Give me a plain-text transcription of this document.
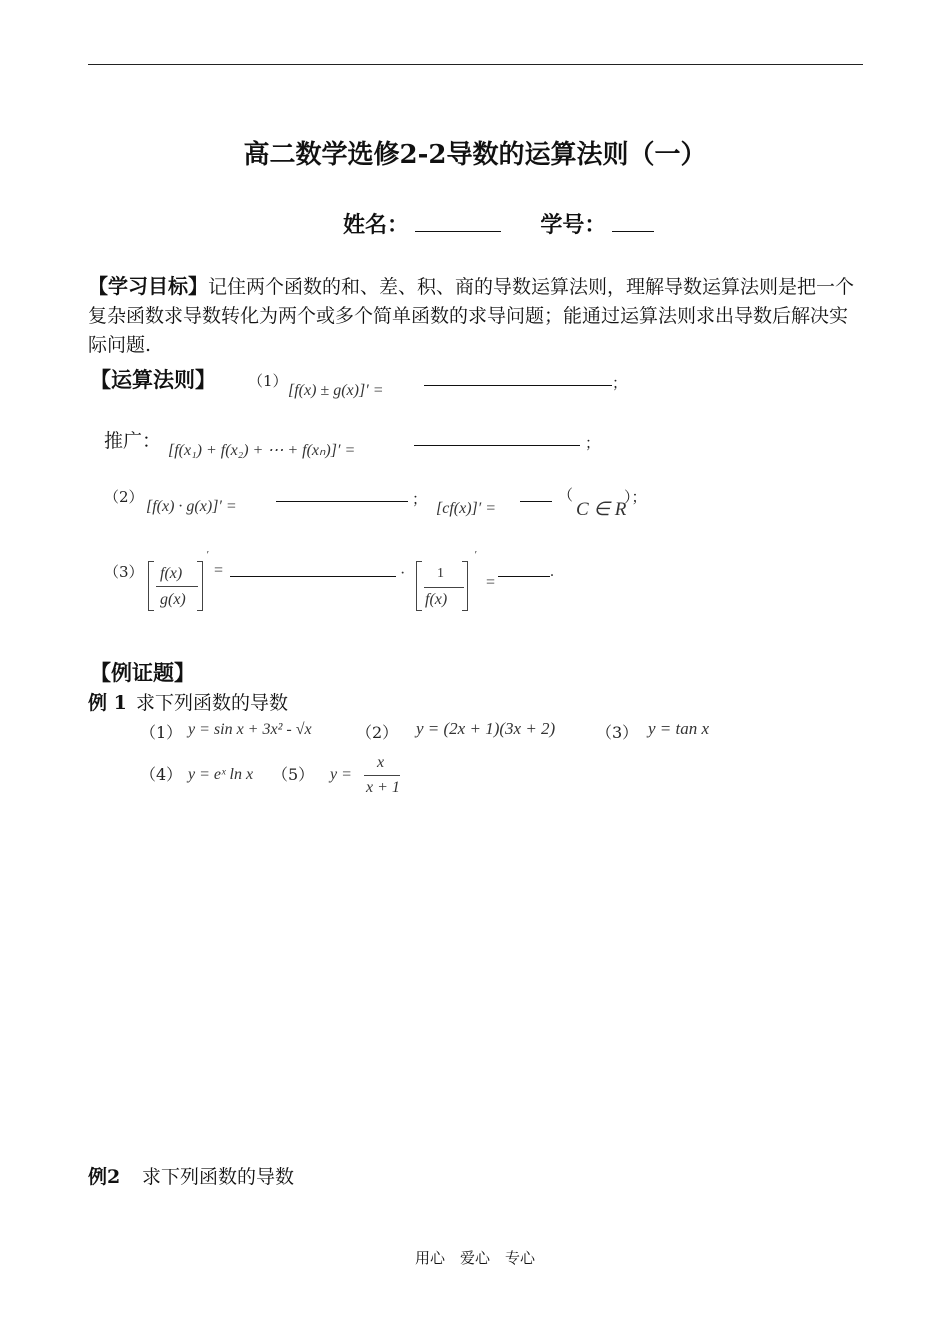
高二数学选修2-2导数的运算法则（一）
姓名：	学号：
【学习目标】记住两个函数的和、差、积、商的导数运算法则，理解导数运算法则是把一个复杂函数求导数转化为两个或多个简单函数的求导问题；能通过运算法则求出导数后解决实际问题.
【运算法则】 （1）
[f(x) ± g(x)]′ =	；
推广： [f(x₁) + f(x₂) + ⋯ + f(xₙ)]′ =	；
（2）
[f(x) · g(x)]′ =	；
[cf(x)]′ =
（
C ∈ R
）；
（3） f(x)
g(x)
′
=	· 1
f(x)
′
=
.
【例证题】
例 1 求下列函数的导数
（1） y = sin x + 3x² - √x	（2） y = (2x + 1)(3x + 2)	（3） y = tan x
（4） y = eˣ ln x （5） y =
x
x + 1
例2 求下列函数的导数
用心　爱心　专心
